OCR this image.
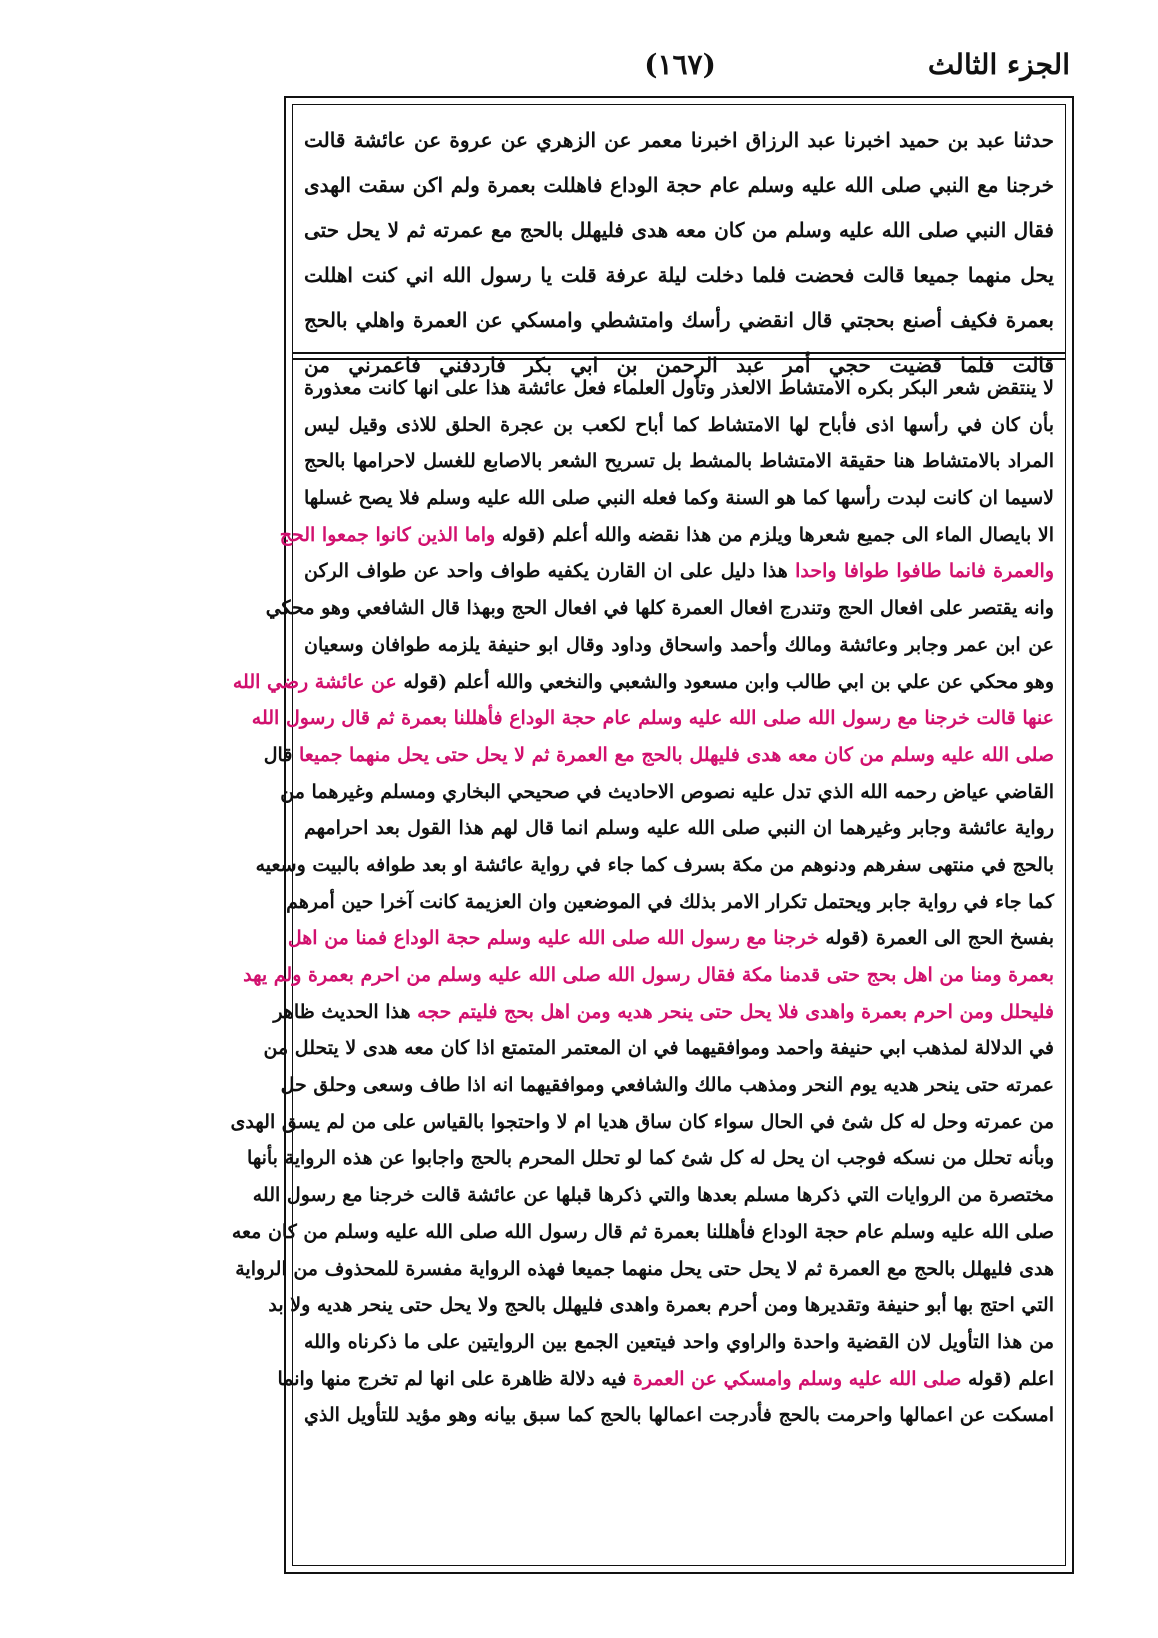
الجزء الثالث
(١٦٧)
حدثنا عبد بن حميد اخبرنا عبد الرزاق اخبرنا معمر عن الزهري عن عروة عن عائشة قالت خرجنا مع النبي صلى الله عليه وسلم عام حجة الوداع فاهللت بعمرة ولم اكن سقت الهدى فقال النبي صلى الله عليه وسلم من كان معه هدى فليهلل بالحج مع عمرته ثم لا يحل حتى يحل منهما جميعا قالت فحضت فلما دخلت ليلة عرفة قلت يا رسول الله اني كنت اهللت بعمرة فكيف أصنع بحجتي قال انقضي رأسك وامتشطي وامسكي عن العمرة واهلي بالحج قالت فلما قضيت حجي أمر عبد الرحمن بن ابي بكر فاردفني فاعمرني من
لا ينتقض شعر البكر بكره الامتشاط الالعذر وتأول العلماء فعل عائشة هذا على انها كانت معذورة
بأن كان في رأسها اذى فأباح لها الامتشاط كما أباح لكعب بن عجرة الحلق للاذى وقيل ليس
المراد بالامتشاط هنا حقيقة الامتشاط بالمشط بل تسريح الشعر بالاصابع للغسل لاحرامها بالحج
لاسيما ان كانت لبدت رأسها كما هو السنة وكما فعله النبي صلى الله عليه وسلم فلا يصح غسلها
الا بايصال الماء الى جميع شعرها ويلزم من هذا نقضه والله أعلم (قوله واما الذين كانوا جمعوا الحج
والعمرة فانما طافوا طوافا واحدا هذا دليل على ان القارن يكفيه طواف واحد عن طواف الركن
وانه يقتصر على افعال الحج وتندرج افعال العمرة كلها في افعال الحج وبهذا قال الشافعي وهو محكي
عن ابن عمر وجابر وعائشة ومالك وأحمد واسحاق وداود وقال ابو حنيفة يلزمه طوافان وسعيان
وهو محكي عن علي بن ابي طالب وابن مسعود والشعبي والنخعي والله أعلم (قوله عن عائشة رضي الله
عنها قالت خرجنا مع رسول الله صلى الله عليه وسلم عام حجة الوداع فأهللنا بعمرة ثم قال رسول الله
صلى الله عليه وسلم من كان معه هدى فليهلل بالحج مع العمرة ثم لا يحل حتى يحل منهما جميعا قال
القاضي عياض رحمه الله الذي تدل عليه نصوص الاحاديث في صحيحي البخاري ومسلم وغيرهما من
رواية عائشة وجابر وغيرهما ان النبي صلى الله عليه وسلم انما قال لهم هذا القول بعد احرامهم
بالحج في منتهى سفرهم ودنوهم من مكة بسرف كما جاء في رواية عائشة او بعد طوافه بالبيت وسعيه
كما جاء في رواية جابر ويحتمل تكرار الامر بذلك في الموضعين وان العزيمة كانت آخرا حين أمرهم
بفسخ الحج الى العمرة (قوله خرجنا مع رسول الله صلى الله عليه وسلم حجة الوداع فمنا من اهل
بعمرة ومنا من اهل بحج حتى قدمنا مكة فقال رسول الله صلى الله عليه وسلم من احرم بعمرة ولم يهد
فليحلل ومن احرم بعمرة واهدى فلا يحل حتى ينحر هديه ومن اهل بحج فليتم حجه هذا الحديث ظاهر
في الدلالة لمذهب ابي حنيفة واحمد وموافقيهما في ان المعتمر المتمتع اذا كان معه هدى لا يتحلل من
عمرته حتى ينحر هديه يوم النحر ومذهب مالك والشافعي وموافقيهما انه اذا طاف وسعى وحلق حل
من عمرته وحل له كل شئ في الحال سواء كان ساق هديا ام لا واحتجوا بالقياس على من لم يسق الهدى
وبأنه تحلل من نسكه فوجب ان يحل له كل شئ كما لو تحلل المحرم بالحج واجابوا عن هذه الرواية بأنها
مختصرة من الروايات التي ذكرها مسلم بعدها والتي ذكرها قبلها عن عائشة قالت خرجنا مع رسول الله
صلى الله عليه وسلم عام حجة الوداع فأهللنا بعمرة ثم قال رسول الله صلى الله عليه وسلم من كان معه
هدى فليهلل بالحج مع العمرة ثم لا يحل حتى يحل منهما جميعا فهذه الرواية مفسرة للمحذوف من الرواية
التي احتج بها أبو حنيفة وتقديرها ومن أحرم بعمرة واهدى فليهلل بالحج ولا يحل حتى ينحر هديه ولا بد
من هذا التأويل لان القضية واحدة والراوي واحد فيتعين الجمع بين الروايتين على ما ذكرناه والله
اعلم (قوله صلى الله عليه وسلم وامسكي عن العمرة فيه دلالة ظاهرة على انها لم تخرج منها وانما
امسكت عن اعمالها واحرمت بالحج فأدرجت اعمالها بالحج كما سبق بيانه وهو مؤيد للتأويل الذي
